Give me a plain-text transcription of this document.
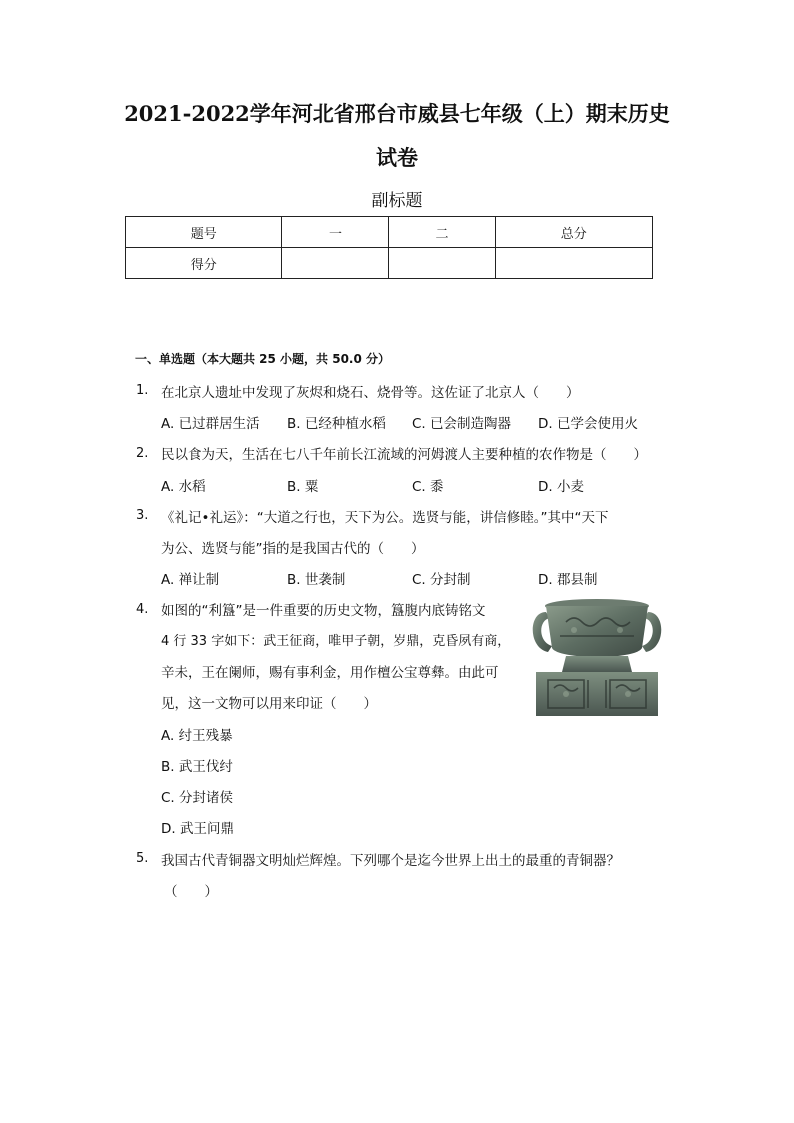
2021-2022学年河北省邢台市威县七年级（上）期末历史
试卷
副标题
题号	一	二	总分
得分			
一、单选题（本大题共 25 小题，共 50.0 分）
1. 在北京人遗址中发现了灰烬和烧石、烧骨等。这佐证了北京人（　　）
A. 已过群居生活 B. 已经种植水稻 C. 已会制造陶器 D. 已学会使用火
2. 民以食为天，生活在七八千年前长江流域的河姆渡人主要种植的农作物是（　　）
A. 水稻	B. 粟	C. 黍	D. 小麦
3. 《礼记•礼运》：“大道之行也，天下为公。选贤与能，讲信修睦。”其中“天下
为公、选贤与能”指的是我国古代的（　　）
A. 禅让制	B. 世袭制	C. 分封制	D. 郡县制
4. 如图的“利簋”是一件重要的历史文物，簋腹内底铸铭文
4 行 33 字如下：武王征商，唯甲子朝，岁鼎，克昏夙有商，
辛未，王在阑师，赐有事利金，用作檀公宝尊彝。由此可
见，这一文物可以用来印证（　　）
A. 纣王残暴
B. 武王伐纣
C. 分封诸侯
D. 武王问鼎
5. 我国古代青铜器文明灿烂辉煌。下列哪个是迄今世界上出土的最重的青铜器？
（　　）
